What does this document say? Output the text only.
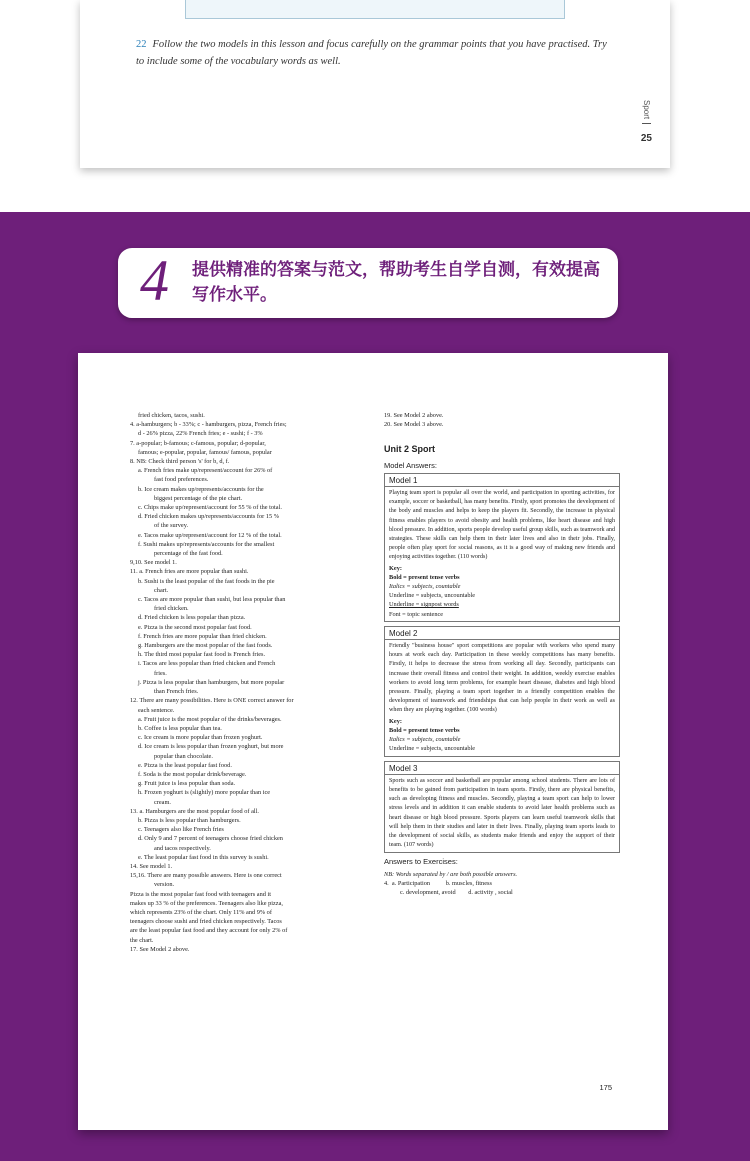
22 Follow the two models in this lesson and focus carefully on the grammar points that you have practised. Try to include some of the vocabulary words as well.
Sport
25
4 提供精准的答案与范文，帮助考生自学自测，有效提高写作水平。
fried chicken, tacos, sushi.
4. a-hamburgers; b - 33%; c - hamburgers, pizza, French fries;
d - 26% pizza, 22% French fries; e - sushi; f - 3%
7. a-popular; b-famous; c-famous, popular; d-popular,
famous; e-popular, popular, famous/ famous, popular
8. NB: Check third person 's' for b, d, f.
a. French fries make up/represent/account for 26% of
fast food preferences.
b. Ice cream makes up/represents/accounts for the
biggest percentage of the pie chart.
c. Chips make up/represent/account for 55 % of the total.
d. Fried chicken makes up/represents/accounts for 15 %
of the survey.
e. Tacos make up/represent/account for 12 % of the total.
f. Sushi makes up/represents/accounts for the smallest
percentage of the fast food.
9,10. See model 1.
11. a. French fries are more popular than sushi.
b. Sushi is the least popular of the fast foods in the pie
chart.
c. Tacos are more popular than sushi, but less popular than
fried chicken.
d. Fried chicken is less popular than pizza.
e. Pizza is the second most popular fast food.
f. French fries are more popular than fried chicken.
g. Hamburgers are the most popular of the fast foods.
h. The third most popular fast food is French fries.
i. Tacos are less popular than fried chicken and French
fries.
j. Pizza is less popular than hamburgers, but more popular
than French fries.
12. There are many possibilities. Here is ONE correct answer for
each sentence.
a. Fruit juice is the most popular of the drinks/beverages.
b. Coffee is less popular than tea.
c. Ice cream is more popular than frozen yoghurt.
d. Ice cream is less popular than frozen yoghurt, but more
popular than chocolate.
e. Pizza is the least popular fast food.
f. Soda is the most popular drink/beverage.
g. Fruit juice is less popular than soda.
h. Frozen yoghurt is (slightly) more popular than ice
cream.
13. a. Hamburgers are the most popular food of all.
b. Pizza is less popular than hamburgers.
c. Teenagers also like French fries
d. Only 9 and 7 percent of teenagers choose fried chicken
and tacos respectively.
e. The least popular fast food in this survey is sushi.
14. See model 1.
15,16. There are many possible answers. Here is one correct
version.
Pizza is the most popular fast food with teenagers and it
makes up 33 % of the preferences. Teenagers also like pizza,
which represents 23% of the chart. Only 11% and 9% of
teenagers choose sushi and fried chicken respectively. Tacos
are the least popular fast food and they account for only 2% of
the chart.
17. See Model 2 above.
19. See Model 2 above.
20. See Model 3 above.
Unit 2 Sport
Model Answers:
Model 1
Playing team sport is popular all over the world, and participation in sporting activities, for example, soccer or basketball, has many benefits. Firstly, sport promotes the development of the body and muscles and helps to keep the players fit. Secondly, the increase in physical fitness enables players to avoid obesity and health problems, like heart disease and high blood pressure. In addition, sports people develop useful group skills, such as teamwork and strategies. These skills can help them in their later lives and also in their jobs. Finally, people often play sport for social reasons, as it is a good way of making new friends and enjoying activities together. (110 words)
Key:
Bold = present tense verbs
Italics = subjects, countable
Underline = subjects, uncountable
Underline = signpost words
Font = topic sentence
Model 2
Friendly "business house" sport competitions are popular with workers who spend many hours at work each day. Participation in these weekly competitions has many benefits. Firstly, it helps to decrease the stress from working all day. Secondly, participants can increase their overall fitness and control their weight. In addition, weekly exercise enables workers to avoid long term problems, for example heart disease, diabetes and high blood pressure. Finally, playing a team sport together in a friendly competition enables the development of teamwork and friendships that can help people in their work as well as when they are playing together. (100 words)
Key:
Bold = present tense verbs
Italics = subjects, countable
Underline = subjects, uncountable
Model 3
Sports such as soccer and basketball are popular among school students. There are lots of benefits to be gained from participation in team sports. Firstly, there are physical benefits, such as developing fitness and muscles. Secondly, playing a team sport can help to lower stress levels and in addition it can enable students to avoid later health problems such as heart disease or high blood pressure. Sports players can learn useful teamwork skills that will help them in their studies and later in their lives. Finally, playing team sports leads to the development of social skills, as students make friends and enjoy the support of their team. (107 words)
Answers to Exercises:
NB: Words separated by / are both possible answers.
4.  a. Participation          b. muscles, fitness
c. development, avoid        d. activity , social
175
